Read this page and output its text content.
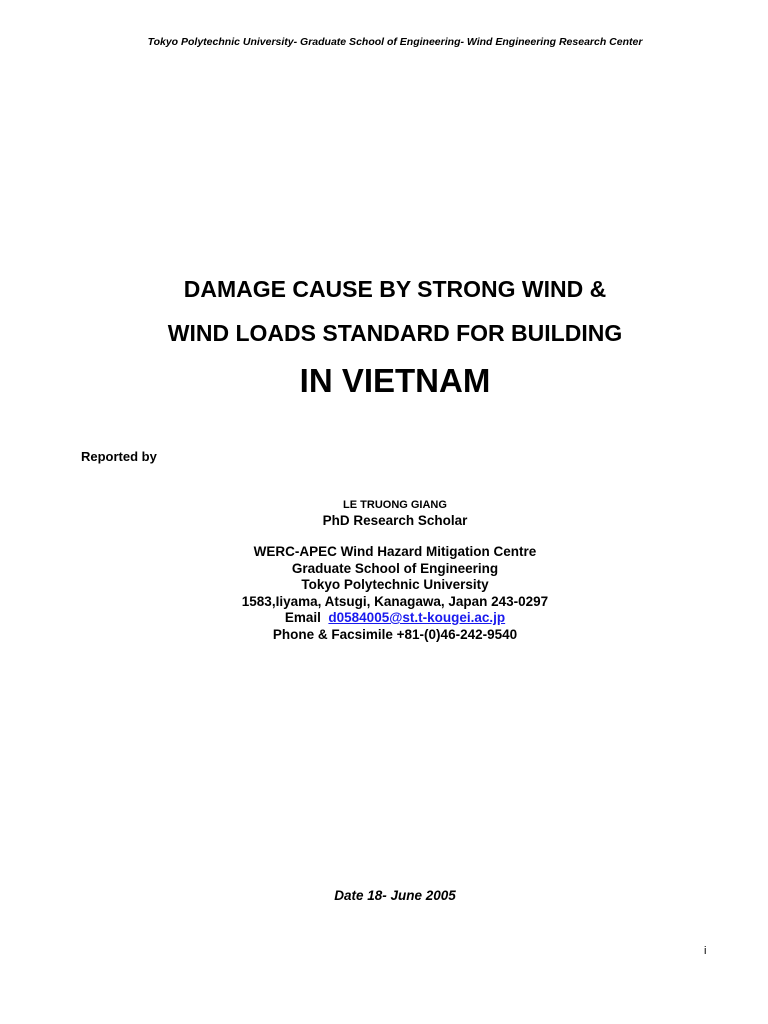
Tokyo Polytechnic University- Graduate School of Engineering- Wind Engineering Research Center
DAMAGE CAUSE BY STRONG WIND &
WIND LOADS STANDARD FOR BUILDING
IN VIETNAM
Reported by
LE TRUONG GIANG
PhD Research Scholar
WERC-APEC Wind Hazard Mitigation Centre
Graduate School of Engineering
Tokyo Polytechnic University
1583,Iiyama, Atsugi, Kanagawa, Japan 243-0297
Email d0584005@st.t-kougei.ac.jp
Phone & Facsimile +81-(0)46-242-9540
Date 18- June 2005
i
